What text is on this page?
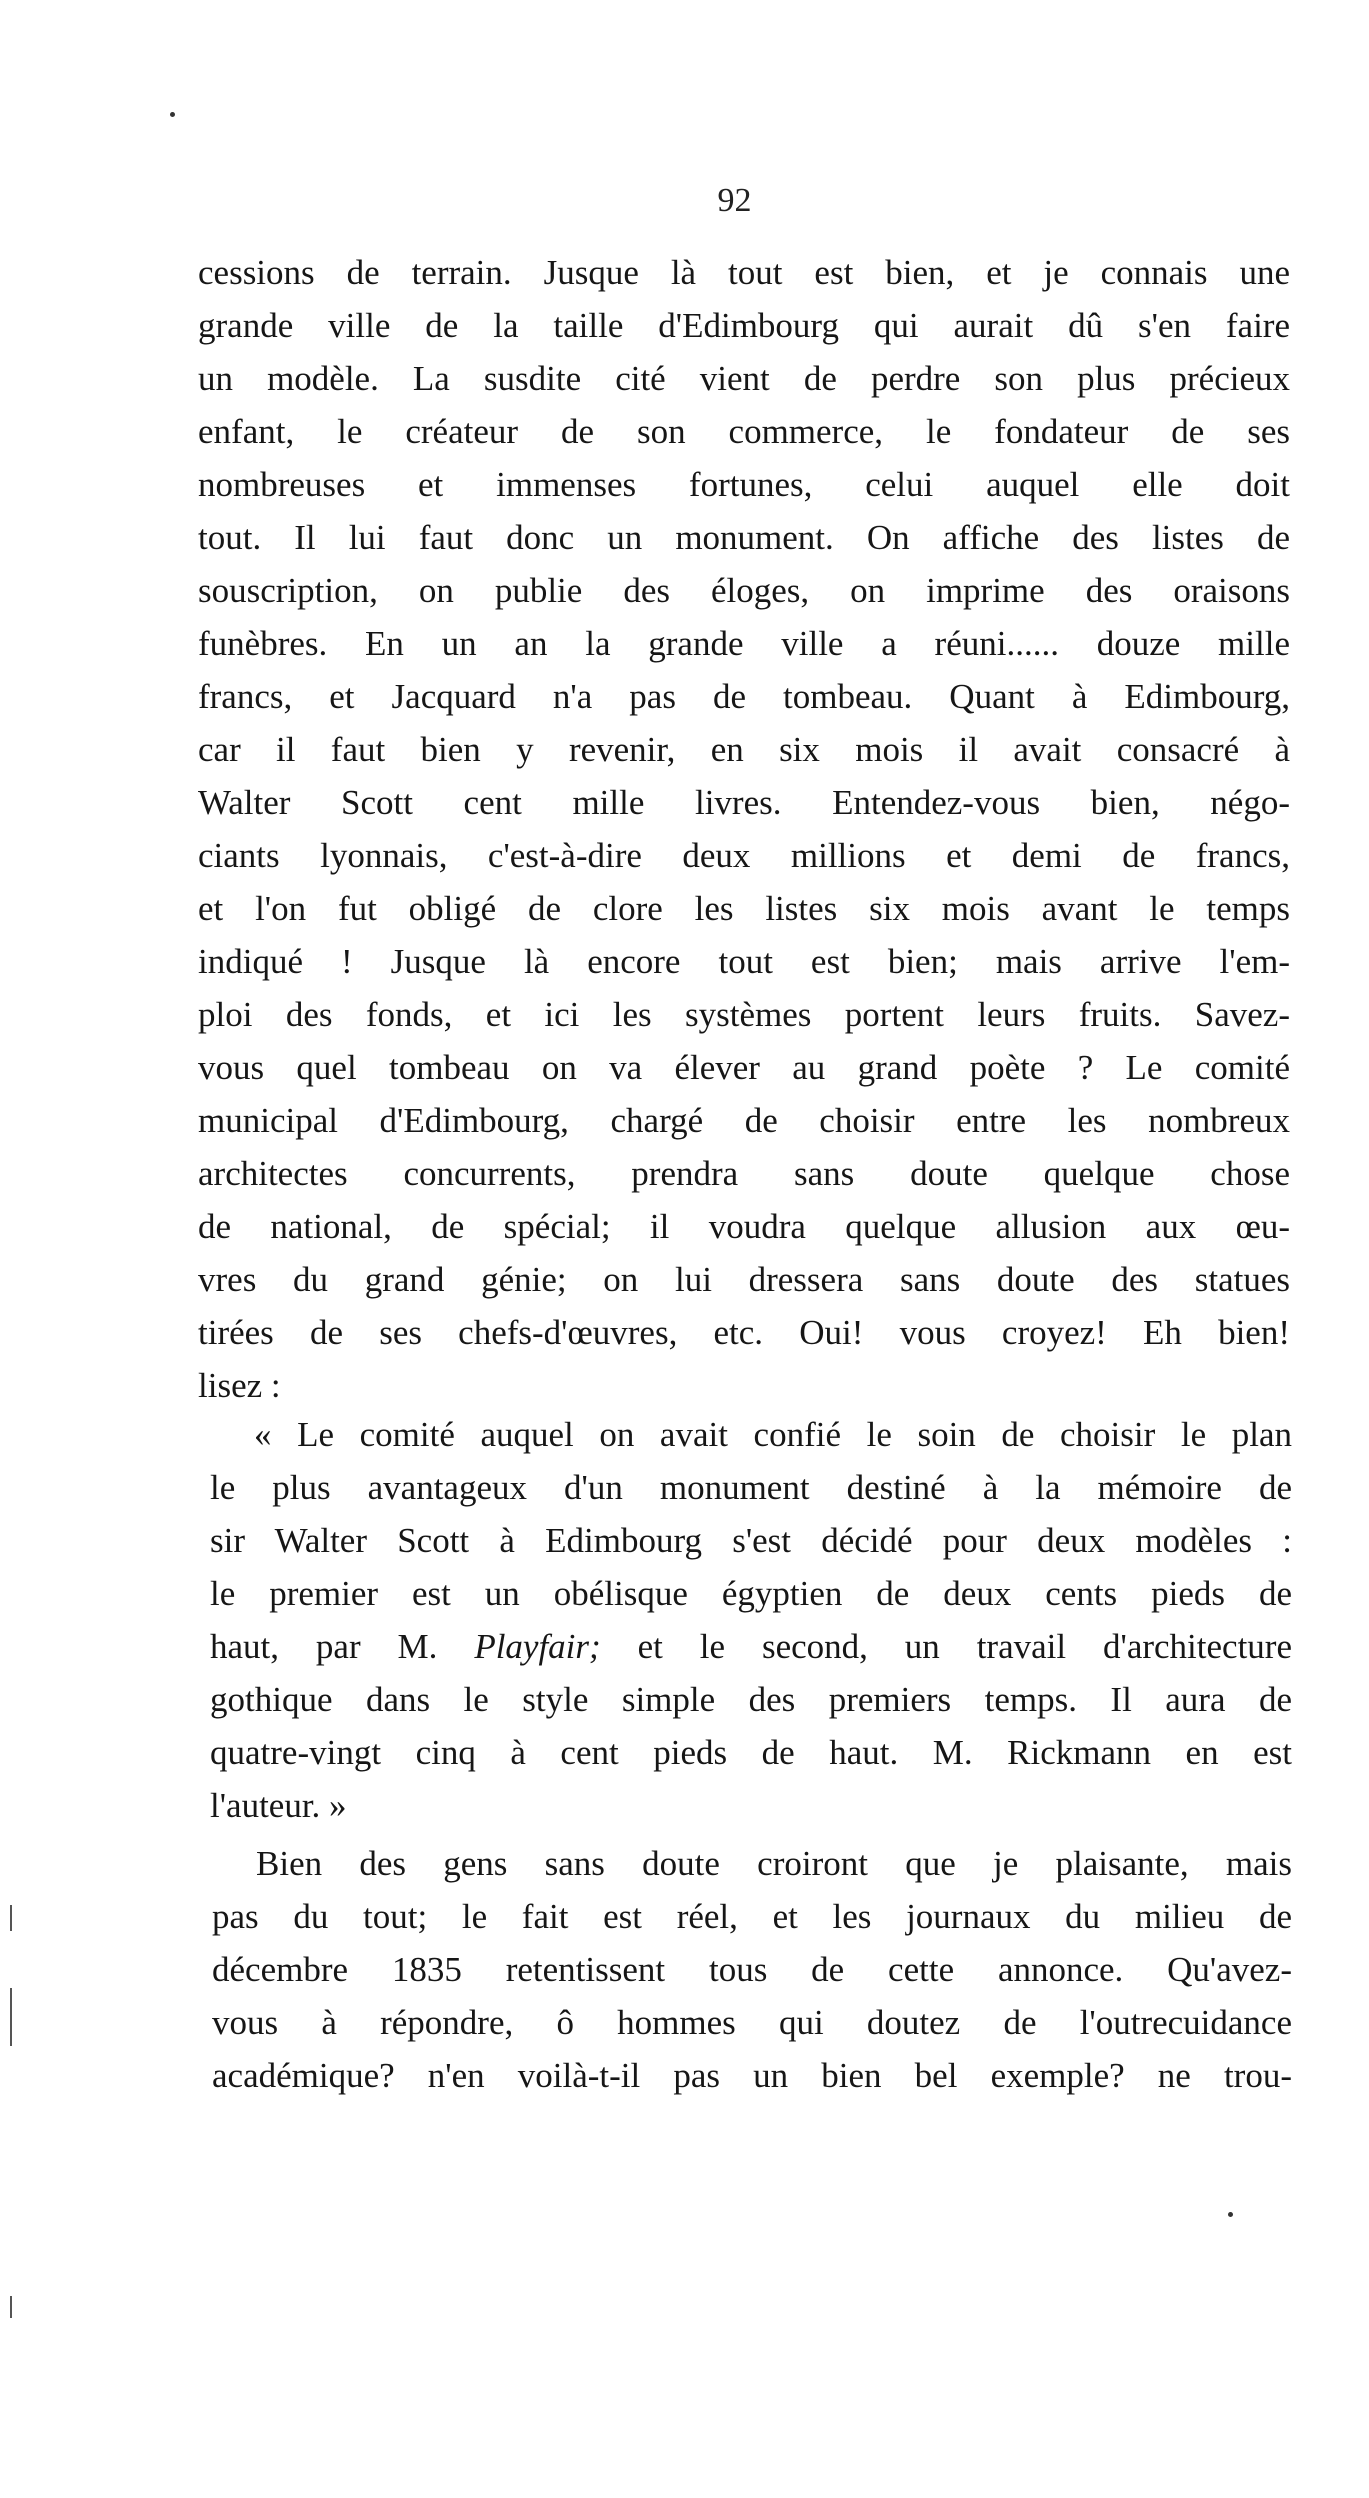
92
cessions de terrain. Jusque là tout est bien, et je connais une
grande ville de la taille d'Edimbourg qui aurait dû s'en faire
un modèle. La susdite cité vient de perdre son plus précieux
enfant, le créateur de son commerce, le fondateur de ses
nombreuses et immenses fortunes, celui auquel elle doit
tout. Il lui faut donc un monument. On affiche des listes de
souscription, on publie des éloges, on imprime des oraisons
funèbres. En un an la grande ville a réuni...... douze mille
francs, et Jacquard n'a pas de tombeau. Quant à Edimbourg,
car il faut bien y revenir, en six mois il avait consacré à
Walter Scott cent mille livres. Entendez-vous bien, négo-
ciants lyonnais, c'est-à-dire deux millions et demi de francs,
et l'on fut obligé de clore les listes six mois avant le temps
indiqué ! Jusque là encore tout est bien; mais arrive l'em-
ploi des fonds, et ici les systèmes portent leurs fruits. Savez-
vous quel tombeau on va élever au grand poète ? Le comité
municipal d'Edimbourg, chargé de choisir entre les nombreux
architectes concurrents, prendra sans doute quelque chose
de national, de spécial; il voudra quelque allusion aux œu-
vres du grand génie; on lui dressera sans doute des statues
tirées de ses chefs-d'œuvres, etc. Oui! vous croyez! Eh bien!
lisez :
« Le comité auquel on avait confié le soin de choisir le plan
le plus avantageux d'un monument destiné à la mémoire de
sir Walter Scott à Edimbourg s'est décidé pour deux modèles :
le premier est un obélisque égyptien de deux cents pieds de
haut, par M. Playfair; et le second, un travail d'architecture
gothique dans le style simple des premiers temps. Il aura de
quatre-vingt cinq à cent pieds de haut. M. Rickmann en est
l'auteur. »
Bien des gens sans doute croiront que je plaisante, mais
pas du tout; le fait est réel, et les journaux du milieu de
décembre 1835 retentissent tous de cette annonce. Qu'avez-
vous à répondre, ô hommes qui doutez de l'outrecuidance
académique? n'en voilà-t-il pas un bien bel exemple? ne trou-
